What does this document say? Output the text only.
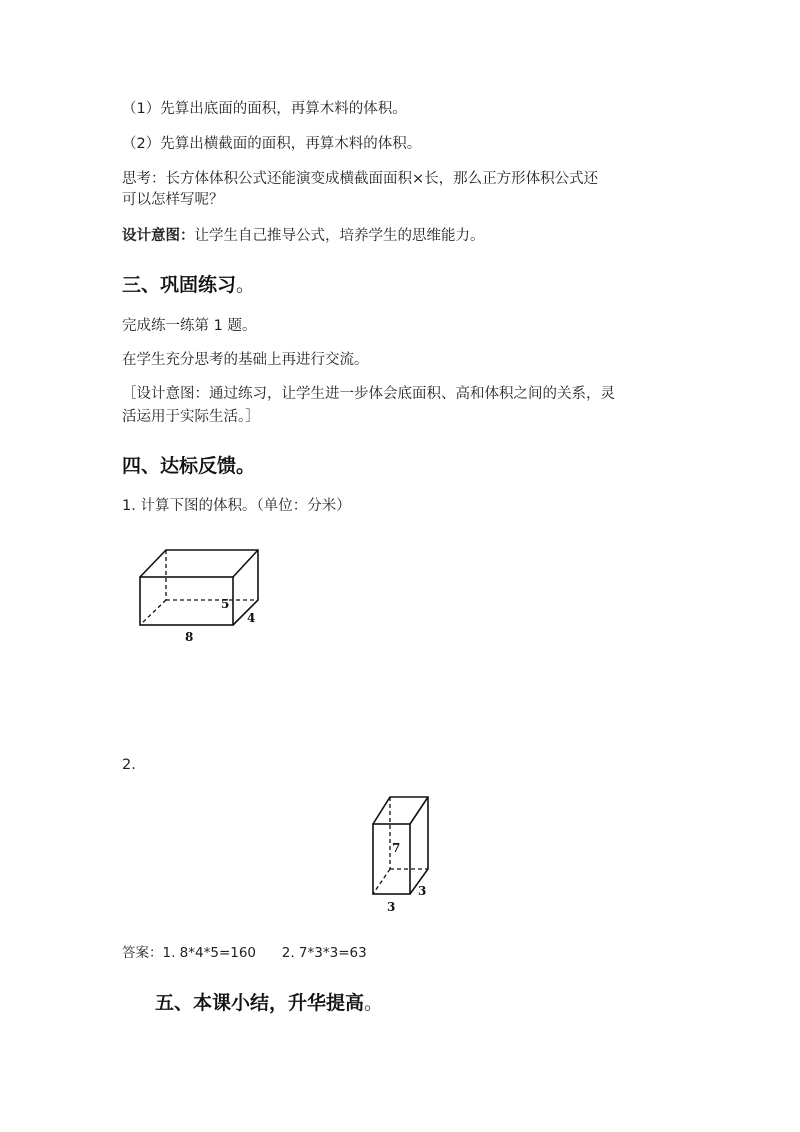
（1）先算出底面的面积，再算木料的体积。
（2）先算出横截面的面积，再算木料的体积。
思考：长方体体积公式还能演变成横截面面积×长，那么正方形体积公式还
可以怎样写呢？
设计意图：让学生自己推导公式，培养学生的思维能力。
三、巩固练习。
完成练一练第 1 题。
在学生充分思考的基础上再进行交流。
［设计意图：通过练习，让学生进一步体会底面积、高和体积之间的关系，灵
活运用于实际生活。］
四、达标反馈。
1. 计算下图的体积。（单位：分米）
5
4
8
2.
7
3
3
答案：1. 8*4*5=160      2. 7*3*3=63
五、本课小结，升华提高。
